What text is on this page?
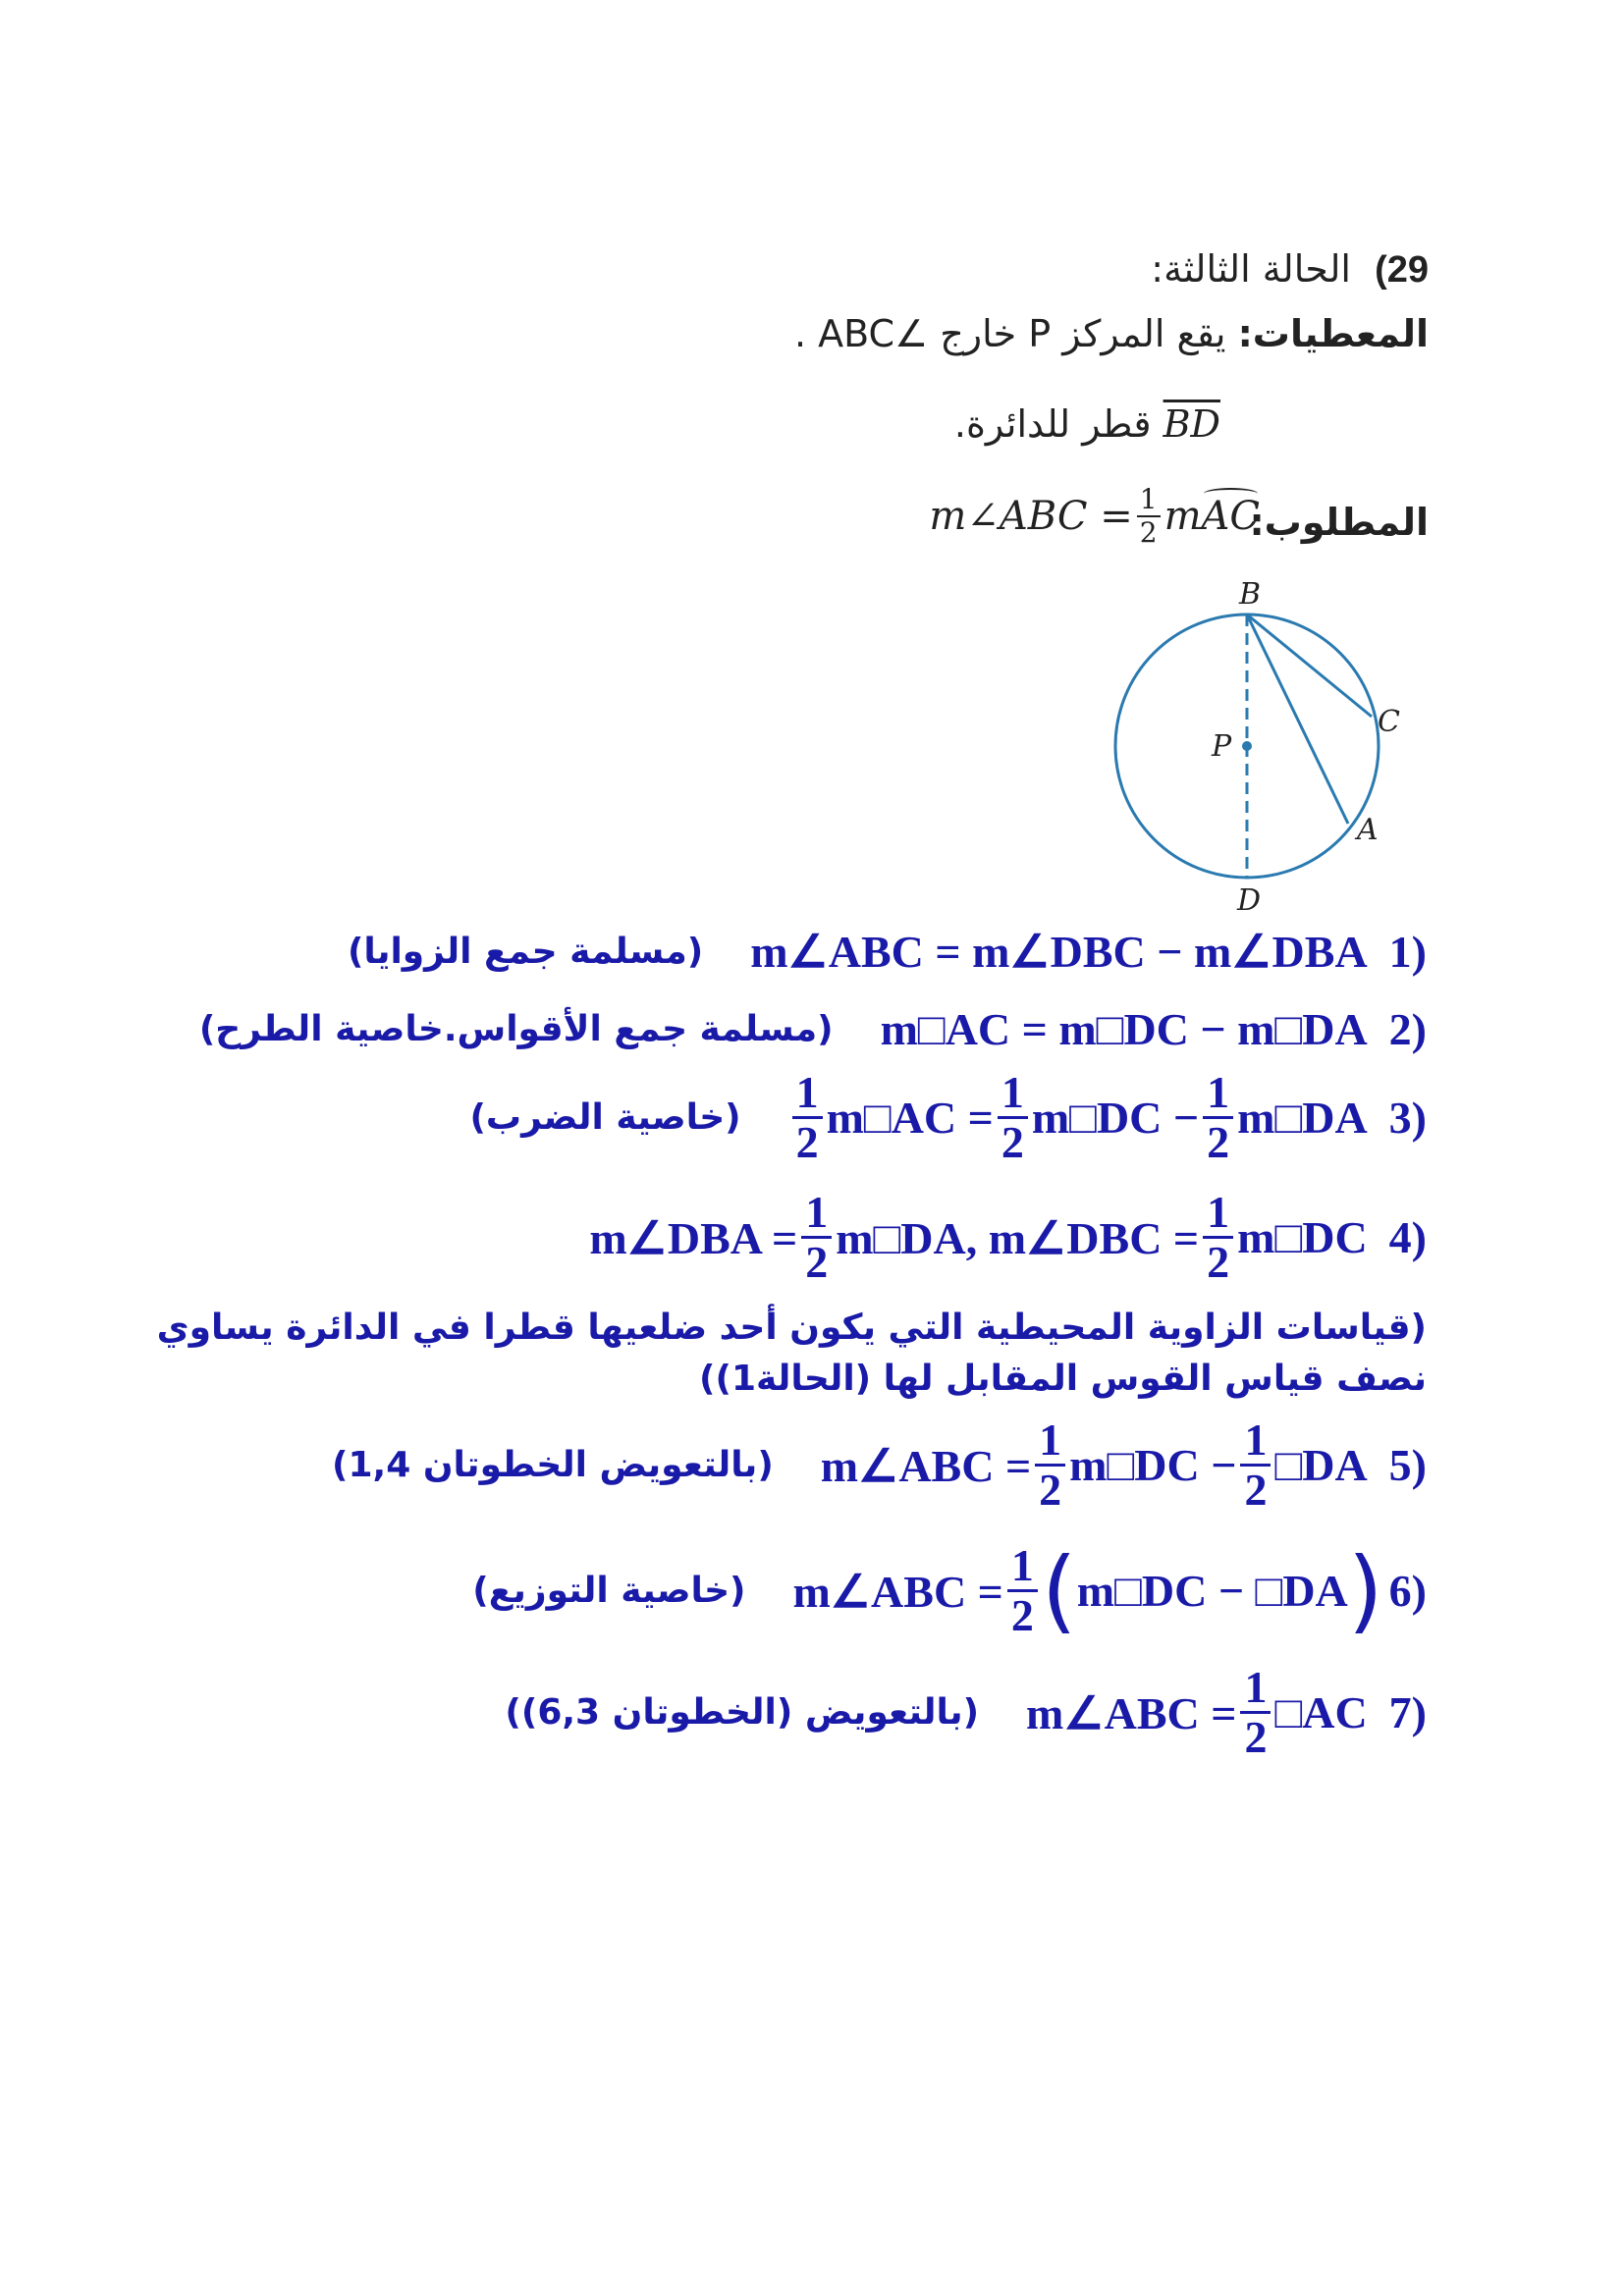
29) الحالة الثالثة:
المعطيات: يقع المركز P خارج ∠ABC .
BD قطر للدائرة.
المطلوب:
m∠ABC = $\frac{1}{2}$ m AC
B
C
P
A
D
(مسلمة جمع الزوايا) m∠ABC = m∠DBC − m∠DBA 1)
(مسلمة جمع الأقواس.خاصية الطرح) m□AC = m□DC − m□DA 2)
(خاصية الضرب) $\frac{1}{2}$ m□AC = $\frac{1}{2}$ m□DC − $\frac{1}{2}$ m□DA 3)
m∠DBA = $\frac{1}{2}$ m□DA, m∠DBC = $\frac{1}{2}$ m□DC 4)
(قياسات الزاوية المحيطية التي يكون أحد ضلعيها قطرا في الدائرة يساوي
نصف قياس القوس المقابل لها (الحالة1))
(بالتعويض الخطوتان 1,4) m∠ABC = $\frac{1}{2}$ m□DC − $\frac{1}{2}$ □DA 5)
(خاصية التوزيع) m∠ABC = $\frac{1}{2}$ ( m□DC − □DA ) 6)
(بالتعويض (الخطوتان 6,3)) m∠ABC = $\frac{1}{2}$ □AC 7)
